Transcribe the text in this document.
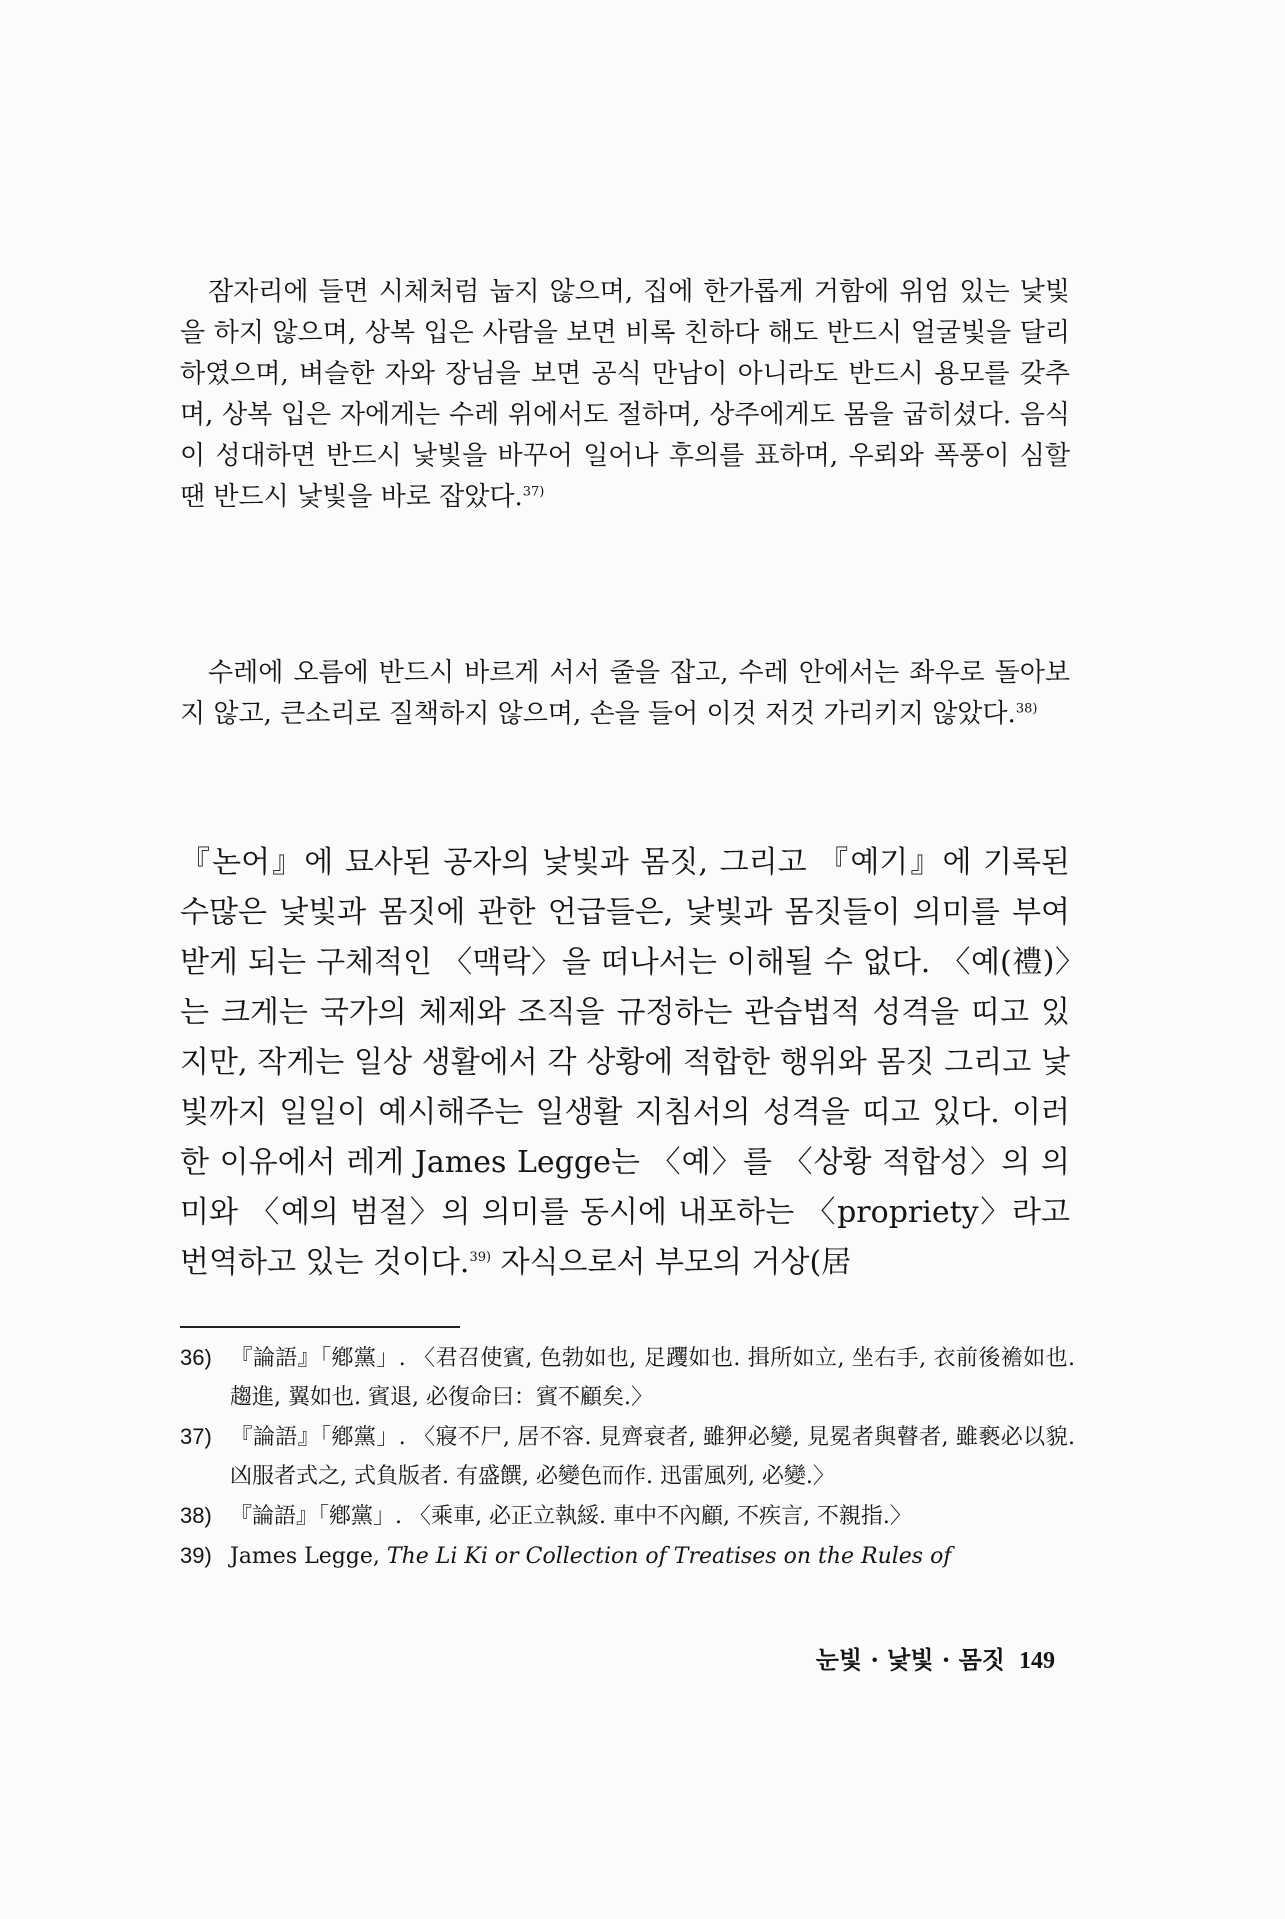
잠자리에 들면 시체처럼 눕지 않으며, 집에 한가롭게 거함에 위엄 있는 낯빛을 하지 않으며, 상복 입은 사람을 보면 비록 친하다 해도 반드시 얼굴빛을 달리하였으며, 벼슬한 자와 장님을 보면 공식 만남이 아니라도 반드시 용모를 갖추며, 상복 입은 자에게는 수레 위에서도 절하며, 상주에게도 몸을 굽히셨다. 음식이 성대하면 반드시 낯빛을 바꾸어 일어나 후의를 표하며, 우뢰와 폭풍이 심할 땐 반드시 낯빛을 바로 잡았다.$^{37)}$

수레에 오름에 반드시 바르게 서서 줄을 잡고, 수레 안에서는 좌우로 돌아보지 않고, 큰소리로 질책하지 않으며, 손을 들어 이것 저것 가리키지 않았다.$^{38)}$

『논어』에 묘사된 공자의 낯빛과 몸짓, 그리고 『예기』에 기록된 수많은 낯빛과 몸짓에 관한 언급들은, 낯빛과 몸짓들이 의미를 부여받게 되는 구체적인 〈맥락〉을 떠나서는 이해될 수 없다. 〈예(禮)〉는 크게는 국가의 체제와 조직을 규정하는 관습법적 성격을 띠고 있지만, 작게는 일상 생활에서 각 상황에 적합한 행위와 몸짓 그리고 낯빛까지 일일이 예시해주는 일생활 지침서의 성격을 띠고 있다. 이러한 이유에서 레게 James Legge는 〈예〉를 〈상황 적합성〉의 의미와 〈예의 범절〉의 의미를 동시에 내포하는 〈propriety〉라고 번역하고 있는 것이다.$^{39)}$ 자식으로서 부모의 거상(居

36) 『論語』「鄕黨」. 〈君召使賓, 色勃如也, 足躩如也. 揖所如立, 坐右手, 衣前後襜如也. 趨進, 翼如也. 賓退, 必復命曰：賓不顧矣.〉
37) 『論語』「鄕黨」. 〈寢不尸, 居不容. 見齊衰者, 雖狎必變, 見冕者與瞽者, 雖褻必以貌. 凶服者式之, 式負版者. 有盛饌, 必變色而作. 迅雷風列, 必變.〉
38) 『論語』「鄕黨」. 〈乘車, 必正立執綏. 車中不內顧, 不疾言, 不親指.〉
39) James Legge, The Li Ki or Collection of Treatises on the Rules of
눈빛 · 낯빛 · 몸짓 149
